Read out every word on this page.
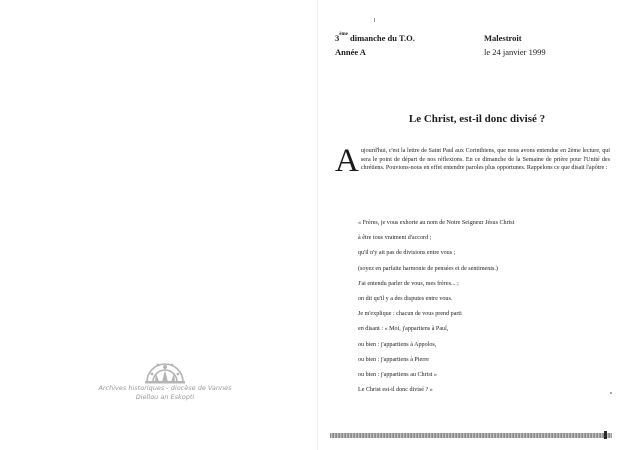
Archives historiques - diocèse de Vannes
Diellou an Eskopti
3ème dimanche du T.O.
Année A
Malestroit
le 24 janvier 1999
Le Christ, est-il donc divisé ?
Aujourd'hui, c'est la lettre de Saint Paul aux Corinthiens, que nous avons entendue en 2ème lecture, qui sera le point de départ de nos réflexions. En ce dimanche de la Semaine de prière pour l'Unité des chrétiens. Pouvions-nous en effet entendre paroles plus opportunes. Rappelons ce que disait l'apôtre :
« Frères, je vous exhorte au nom de Notre Seigneur Jésus Christ
à être tous vraiment d'accord ;
qu'il n'y ait pas de divisions entre vous ;
(soyez en parfaite harmonie de pensées et de sentiments.)
J'ai entendu parler de vous, mes frères... ;
on dit qu'il y a des disputes entre vous.
Je m'explique : chacun de vous prend parti
en disant : « Moi, j'appartiens à Paul,
ou bien : j'appartiens à Appolos,
ou bien : j'appartiens à Pierre
ou bien : j'appartiens au Christ »
Le Christ est-il donc divisé ? »
